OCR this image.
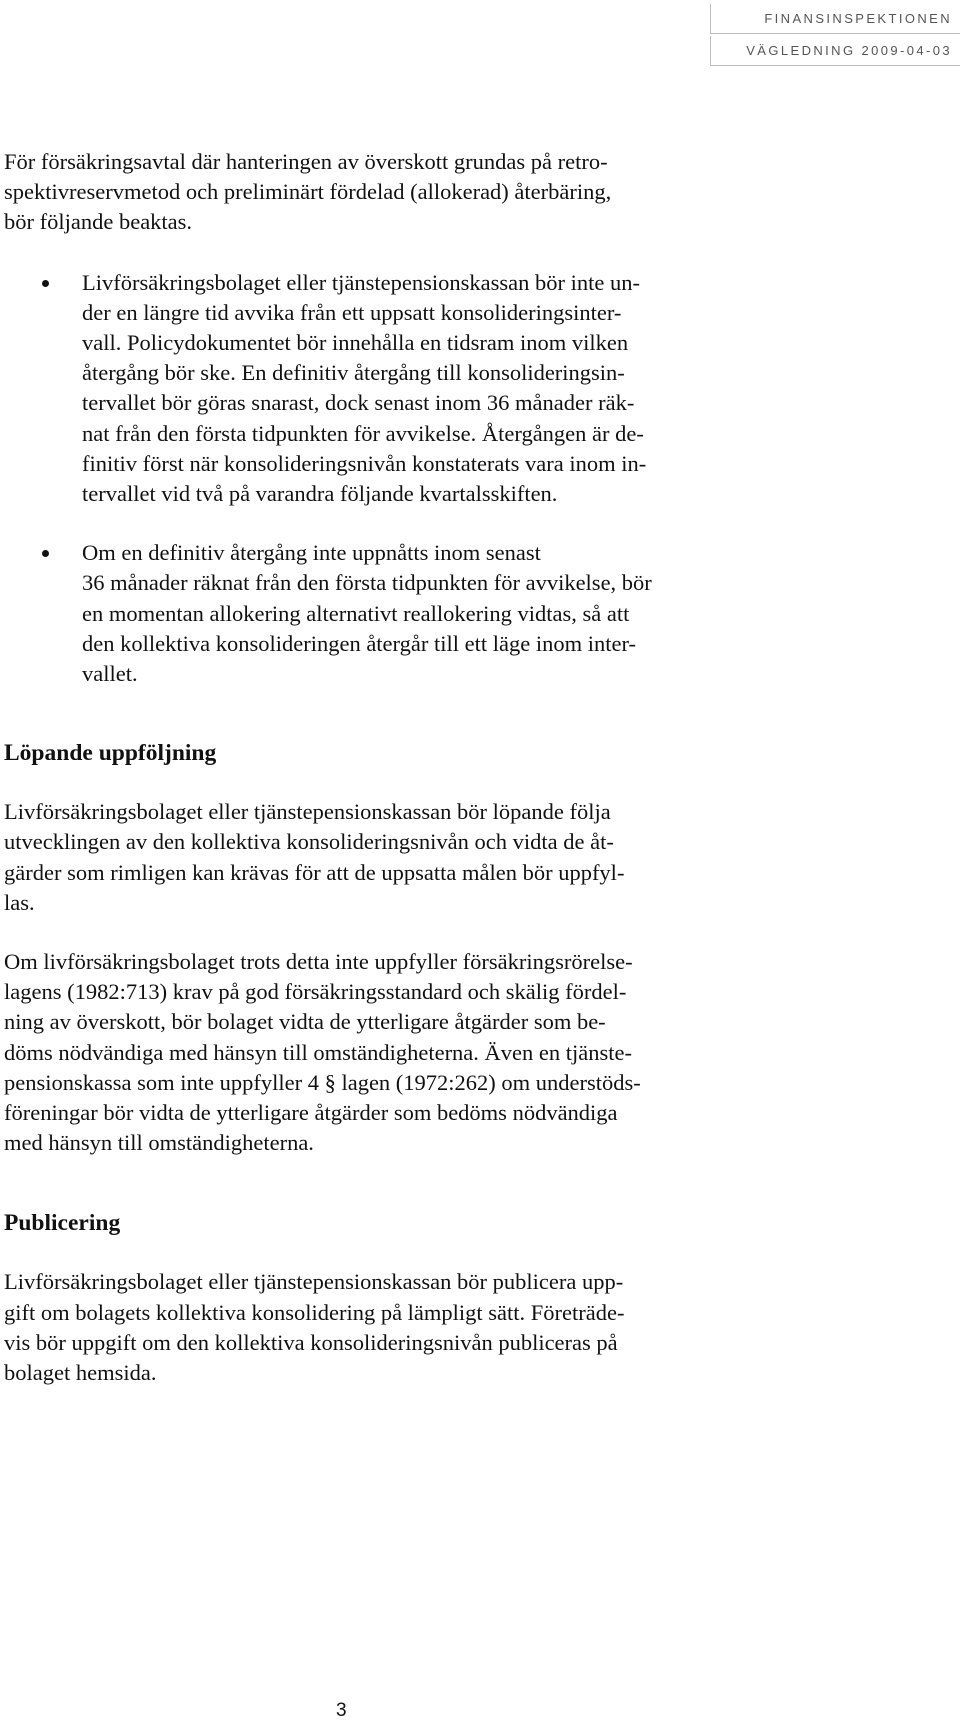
FINANSINSPEKTIONEN
VÄGLEDNING 2009-04-03

För försäkringsavtal där hanteringen av överskott grundas på retro-
spektivreservmetod och preliminärt fördelad (allokerad) återbäring,
bör följande beaktas.

Livförsäkringsbolaget eller tjänstepensionskassan bör inte un-
der en längre tid avvika från ett uppsatt konsolideringsinter-
vall. Policydokumentet bör innehålla en tidsram inom vilken
återgång bör ske. En definitiv återgång till konsolideringsin-
tervallet bör göras snarast, dock senast inom 36 månader räk-
nat från den första tidpunkten för avvikelse. Återgången är de-
finitiv först när konsolideringsnivån konstaterats vara inom in-
tervallet vid två på varandra följande kvartalsskiften.
Om en definitiv återgång inte uppnåtts inom senast
36 månader räknat från den första tidpunkten för avvikelse, bör
en momentan allokering alternativt reallokering vidtas, så att
den kollektiva konsolideringen återgår till ett läge inom inter-
vallet.
Löpande uppföljning

Livförsäkringsbolaget eller tjänstepensionskassan bör löpande följa
utvecklingen av den kollektiva konsolideringsnivån och vidta de åt-
gärder som rimligen kan krävas för att de uppsatta målen bör uppfyl-
las.

Om livförsäkringsbolaget trots detta inte uppfyller försäkringsrörelse-
lagens (1982:713) krav på god försäkringsstandard och skälig fördel-
ning av överskott, bör bolaget vidta de ytterligare åtgärder som be-
döms nödvändiga med hänsyn till omständigheterna. Även en tjänste-
pensionskassa som inte uppfyller 4 § lagen (1972:262) om understöds-
föreningar bör vidta de ytterligare åtgärder som bedöms nödvändiga
med hänsyn till omständigheterna.

Publicering

Livförsäkringsbolaget eller tjänstepensionskassan bör publicera upp-
gift om bolagets kollektiva konsolidering på lämpligt sätt. Företräde-
vis bör uppgift om den kollektiva konsolideringsnivån publiceras på
bolaget hemsida.

3
